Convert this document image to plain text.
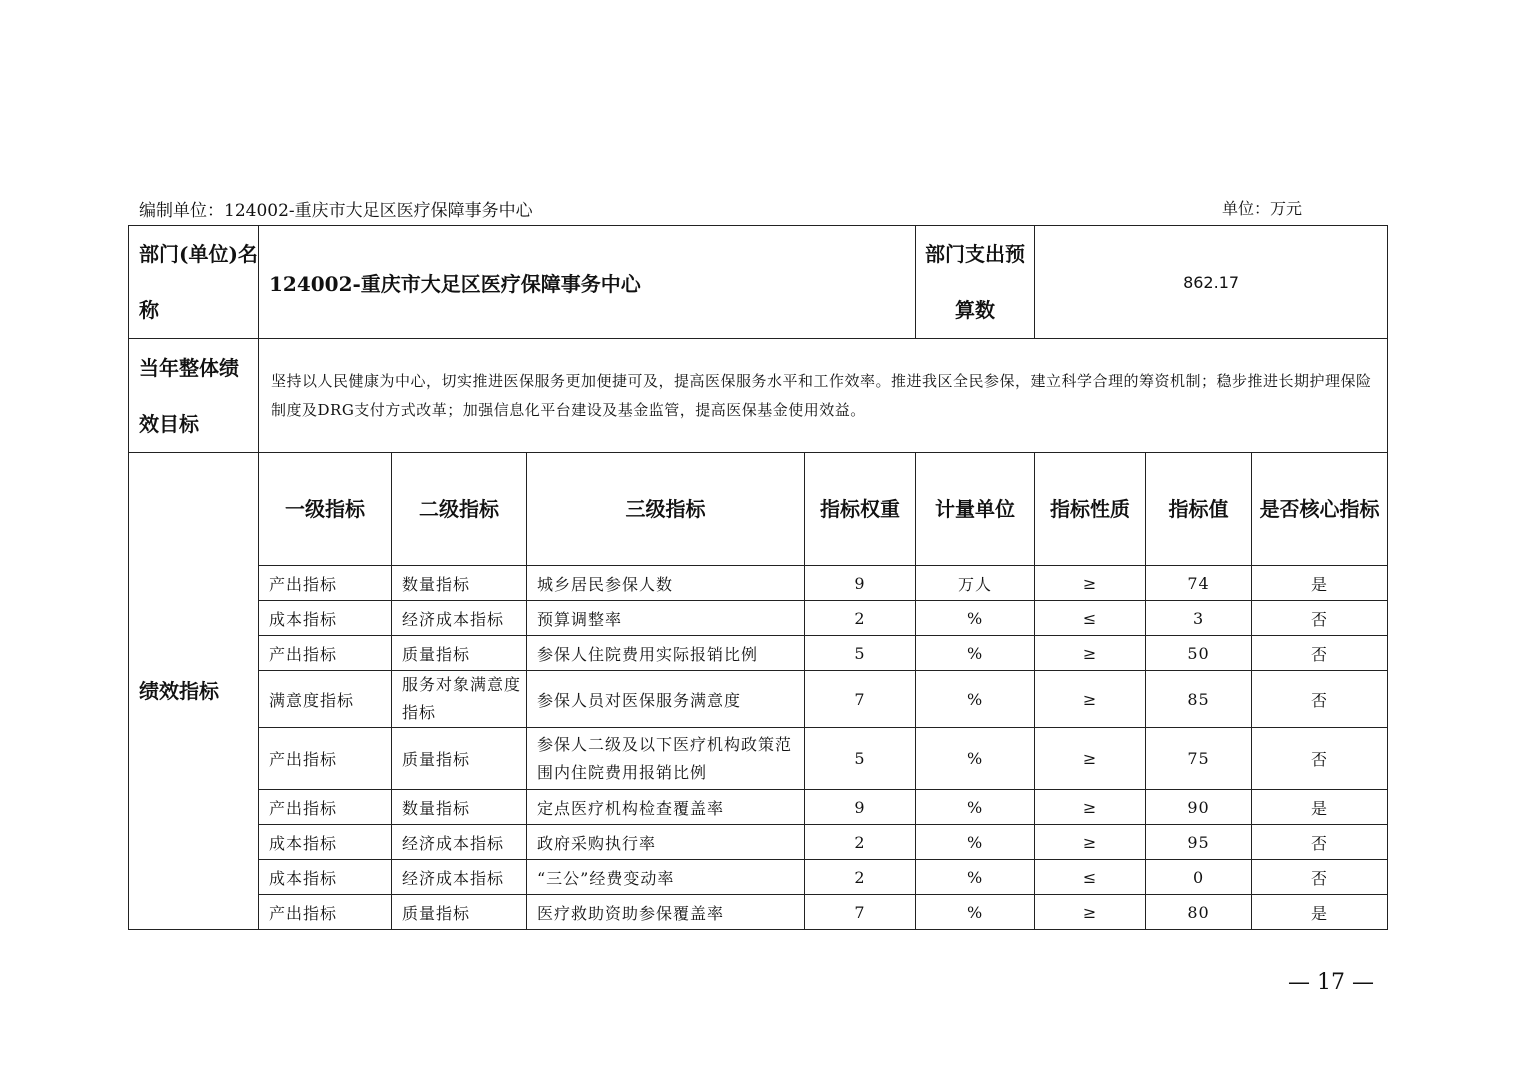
编制单位：124002-重庆市大足区医疗保障事务中心	单位：万元
部门(单位)名称	124002-重庆市大足区医疗保障事务中心				部门支出预算数	862.17		
当年整体绩效目标	坚持以人民健康为中心，切实推进医保服务更加便捷可及，提高医保服务水平和工作效率。推进我区全民参保，建立科学合理的筹资机制；稳步推进长期护理保险制度及DRG支付方式改革；加强信息化平台建设及基金监管，提高医保基金使用效益。							
绩效指标	一级指标	二级指标	三级指标	指标权重	计量单位	指标性质	指标值	是否核心指标
	产出指标	数量指标	城乡居民参保人数	9	万人	≥	74	是
	成本指标	经济成本指标	预算调整率	2	%	≤	3	否
	产出指标	质量指标	参保人住院费用实际报销比例	5	%	≥	50	否
	满意度指标	服务对象满意度指标	参保人员对医保服务满意度	7	%	≥	85	否
	产出指标	质量指标	参保人二级及以下医疗机构政策范围内住院费用报销比例	5	%	≥	75	否
	产出指标	数量指标	定点医疗机构检查覆盖率	9	%	≥	90	是
	成本指标	经济成本指标	政府采购执行率	2	%	≥	95	否
	成本指标	经济成本指标	“三公”经费变动率	2	%	≤	0	否
	产出指标	质量指标	医疗救助资助参保覆盖率	7	%	≥	80	是
— 17 —
